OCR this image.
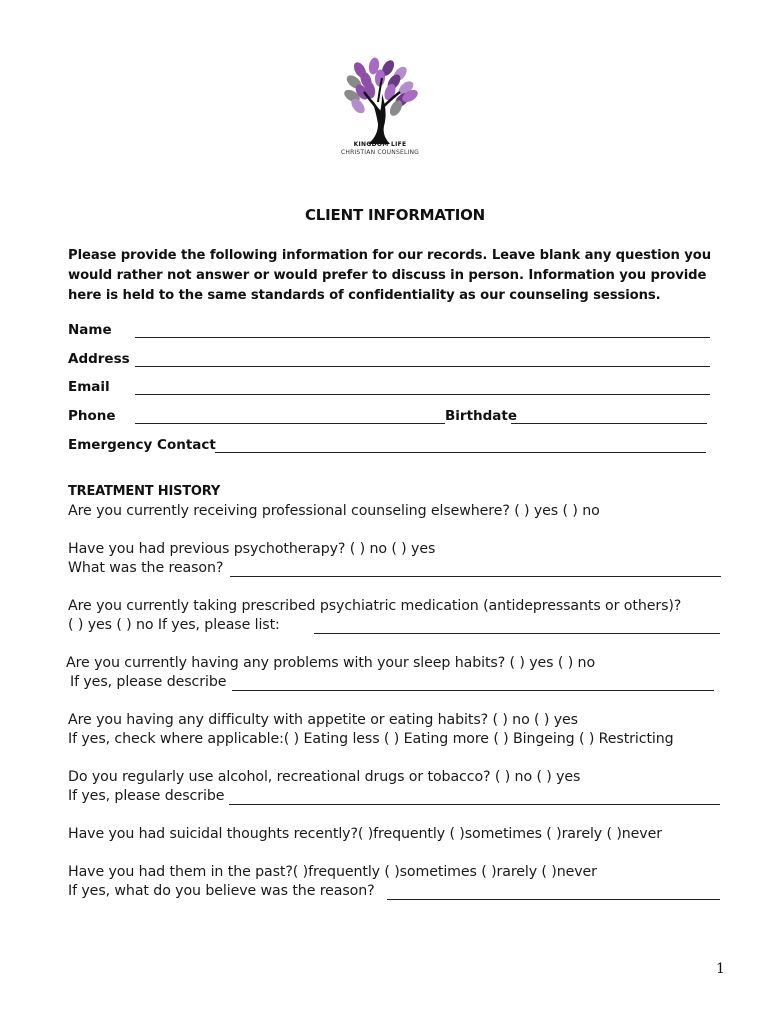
KINGDOM LIFE
CHRISTIAN COUNSELING
CLIENT INFORMATION
Please provide the following information for our records. Leave blank any question you
would rather not answer or would prefer to discuss in person. Information you provide
here is held to the same standards of confidentiality as our counseling sessions.
Name
Address
Email
Phone	Birthdate
Emergency Contact
TREATMENT HISTORY
Are you currently receiving professional counseling elsewhere? ( ) yes ( ) no
Have you had previous psychotherapy? ( ) no ( ) yes
What was the reason?
Are you currently taking prescribed psychiatric medication (antidepressants or others)?
( ) yes ( ) no If yes, please list:
Are you currently having any problems with your sleep habits? ( ) yes ( ) no
If yes, please describe
Are you having any difficulty with appetite or eating habits? ( ) no ( ) yes
If yes, check where applicable:( ) Eating less ( ) Eating more ( ) Bingeing ( ) Restricting
Do you regularly use alcohol, recreational drugs or tobacco? ( ) no ( ) yes
If yes, please describe
Have you had suicidal thoughts recently?( )frequently ( )sometimes ( )rarely ( )never
Have you had them in the past?( )frequently ( )sometimes ( )rarely ( )never
If yes, what do you believe was the reason?
1
